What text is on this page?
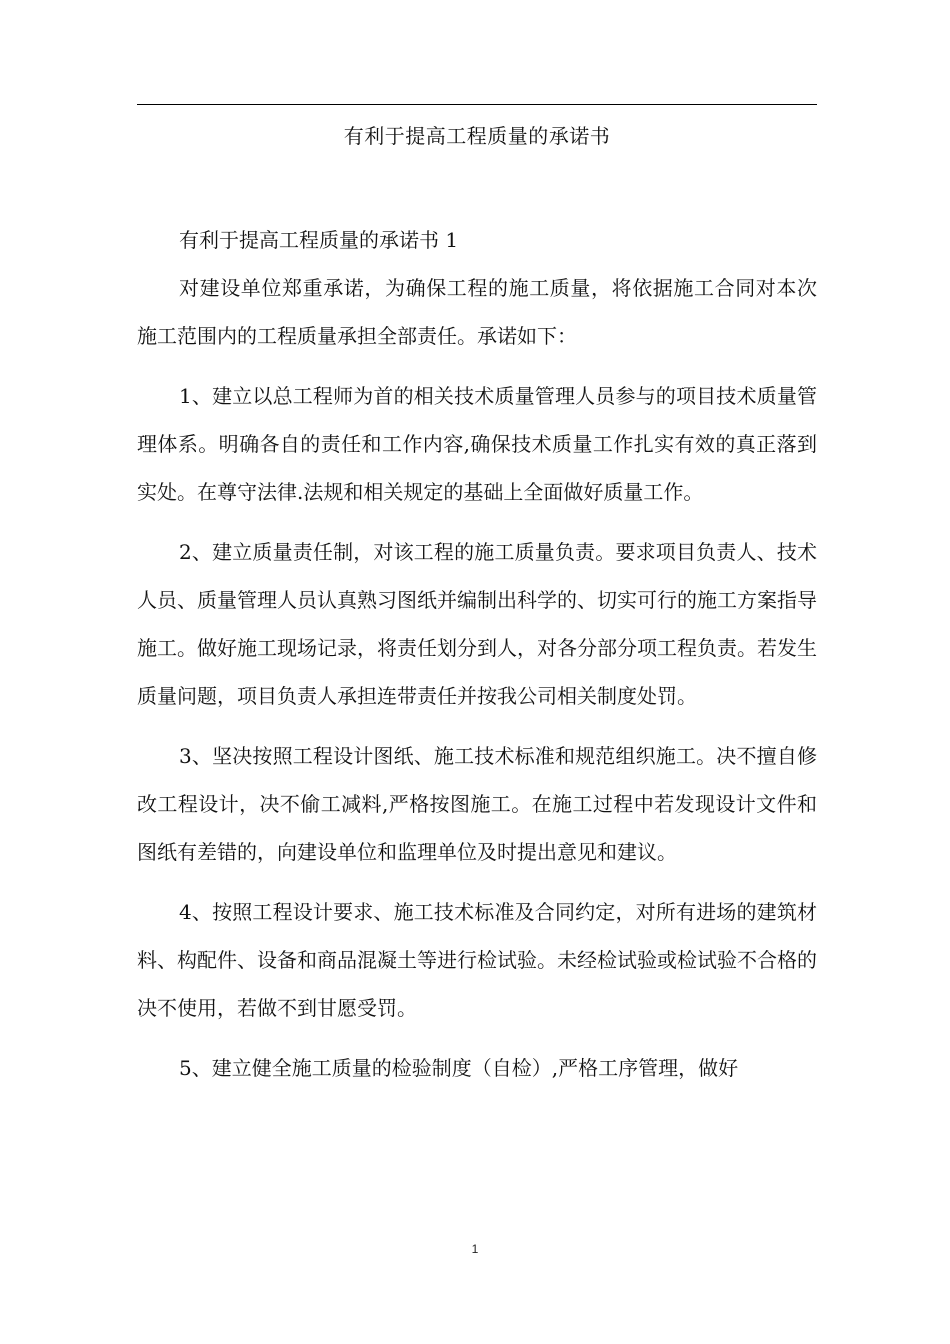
有利于提高工程质量的承诺书

有利于提高工程质量的承诺书 1

对建设单位郑重承诺，为确保工程的施工质量，将依据施工合同对本次施工范围内的工程质量承担全部责任。承诺如下：

1、建立以总工程师为首的相关技术质量管理人员参与的项目技术质量管理体系。明确各自的责任和工作内容,确保技术质量工作扎实有效的真正落到实处。在尊守法律.法规和相关规定的基础上全面做好质量工作。

2、建立质量责任制，对该工程的施工质量负责。要求项目负责人、技术人员、质量管理人员认真熟习图纸并编制出科学的、切实可行的施工方案指导施工。做好施工现场记录，将责任划分到人，对各分部分项工程负责。若发生质量问题，项目负责人承担连带责任并按我公司相关制度处罚。

3、坚决按照工程设计图纸、施工技术标准和规范组织施工。决不擅自修改工程设计，决不偷工减料,严格按图施工。在施工过程中若发现设计文件和图纸有差错的，向建设单位和监理单位及时提出意见和建议。

4、按照工程设计要求、施工技术标准及合同约定，对所有进场的建筑材料、构配件、设备和商品混凝土等进行检试验。未经检试验或检试验不合格的决不使用，若做不到甘愿受罚。

5、建立健全施工质量的检验制度（自检）,严格工序管理，做好

1
